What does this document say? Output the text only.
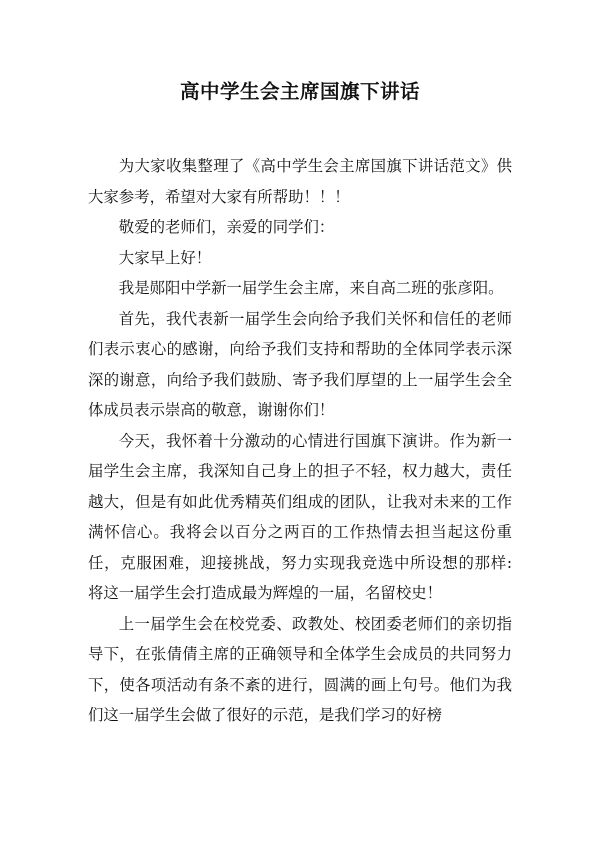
高中学生会主席国旗下讲话

为大家收集整理了《高中学生会主席国旗下讲话范文》供大家参考，希望对大家有所帮助！！！

敬爱的老师们，亲爱的同学们：

大家早上好！

我是郧阳中学新一届学生会主席，来自高二班的张彦阳。

首先，我代表新一届学生会向给予我们关怀和信任的老师们表示衷心的感谢，向给予我们支持和帮助的全体同学表示深深的谢意，向给予我们鼓励、寄予我们厚望的上一届学生会全体成员表示崇高的敬意，谢谢你们！

今天，我怀着十分激动的心情进行国旗下演讲。作为新一届学生会主席，我深知自己身上的担子不轻，权力越大，责任越大，但是有如此优秀精英们组成的团队，让我对未来的工作满怀信心。我将会以百分之两百的工作热情去担当起这份重任，克服困难，迎接挑战，努力实现我竞选中所设想的那样: 将这一届学生会打造成最为辉煌的一届，名留校史！

上一届学生会在校党委、政教处、校团委老师们的亲切指导下，在张倩倩主席的正确领导和全体学生会成员的共同努力下，使各项活动有条不紊的进行，圆满的画上句号。他们为我们这一届学生会做了很好的示范，是我们学习的好榜
